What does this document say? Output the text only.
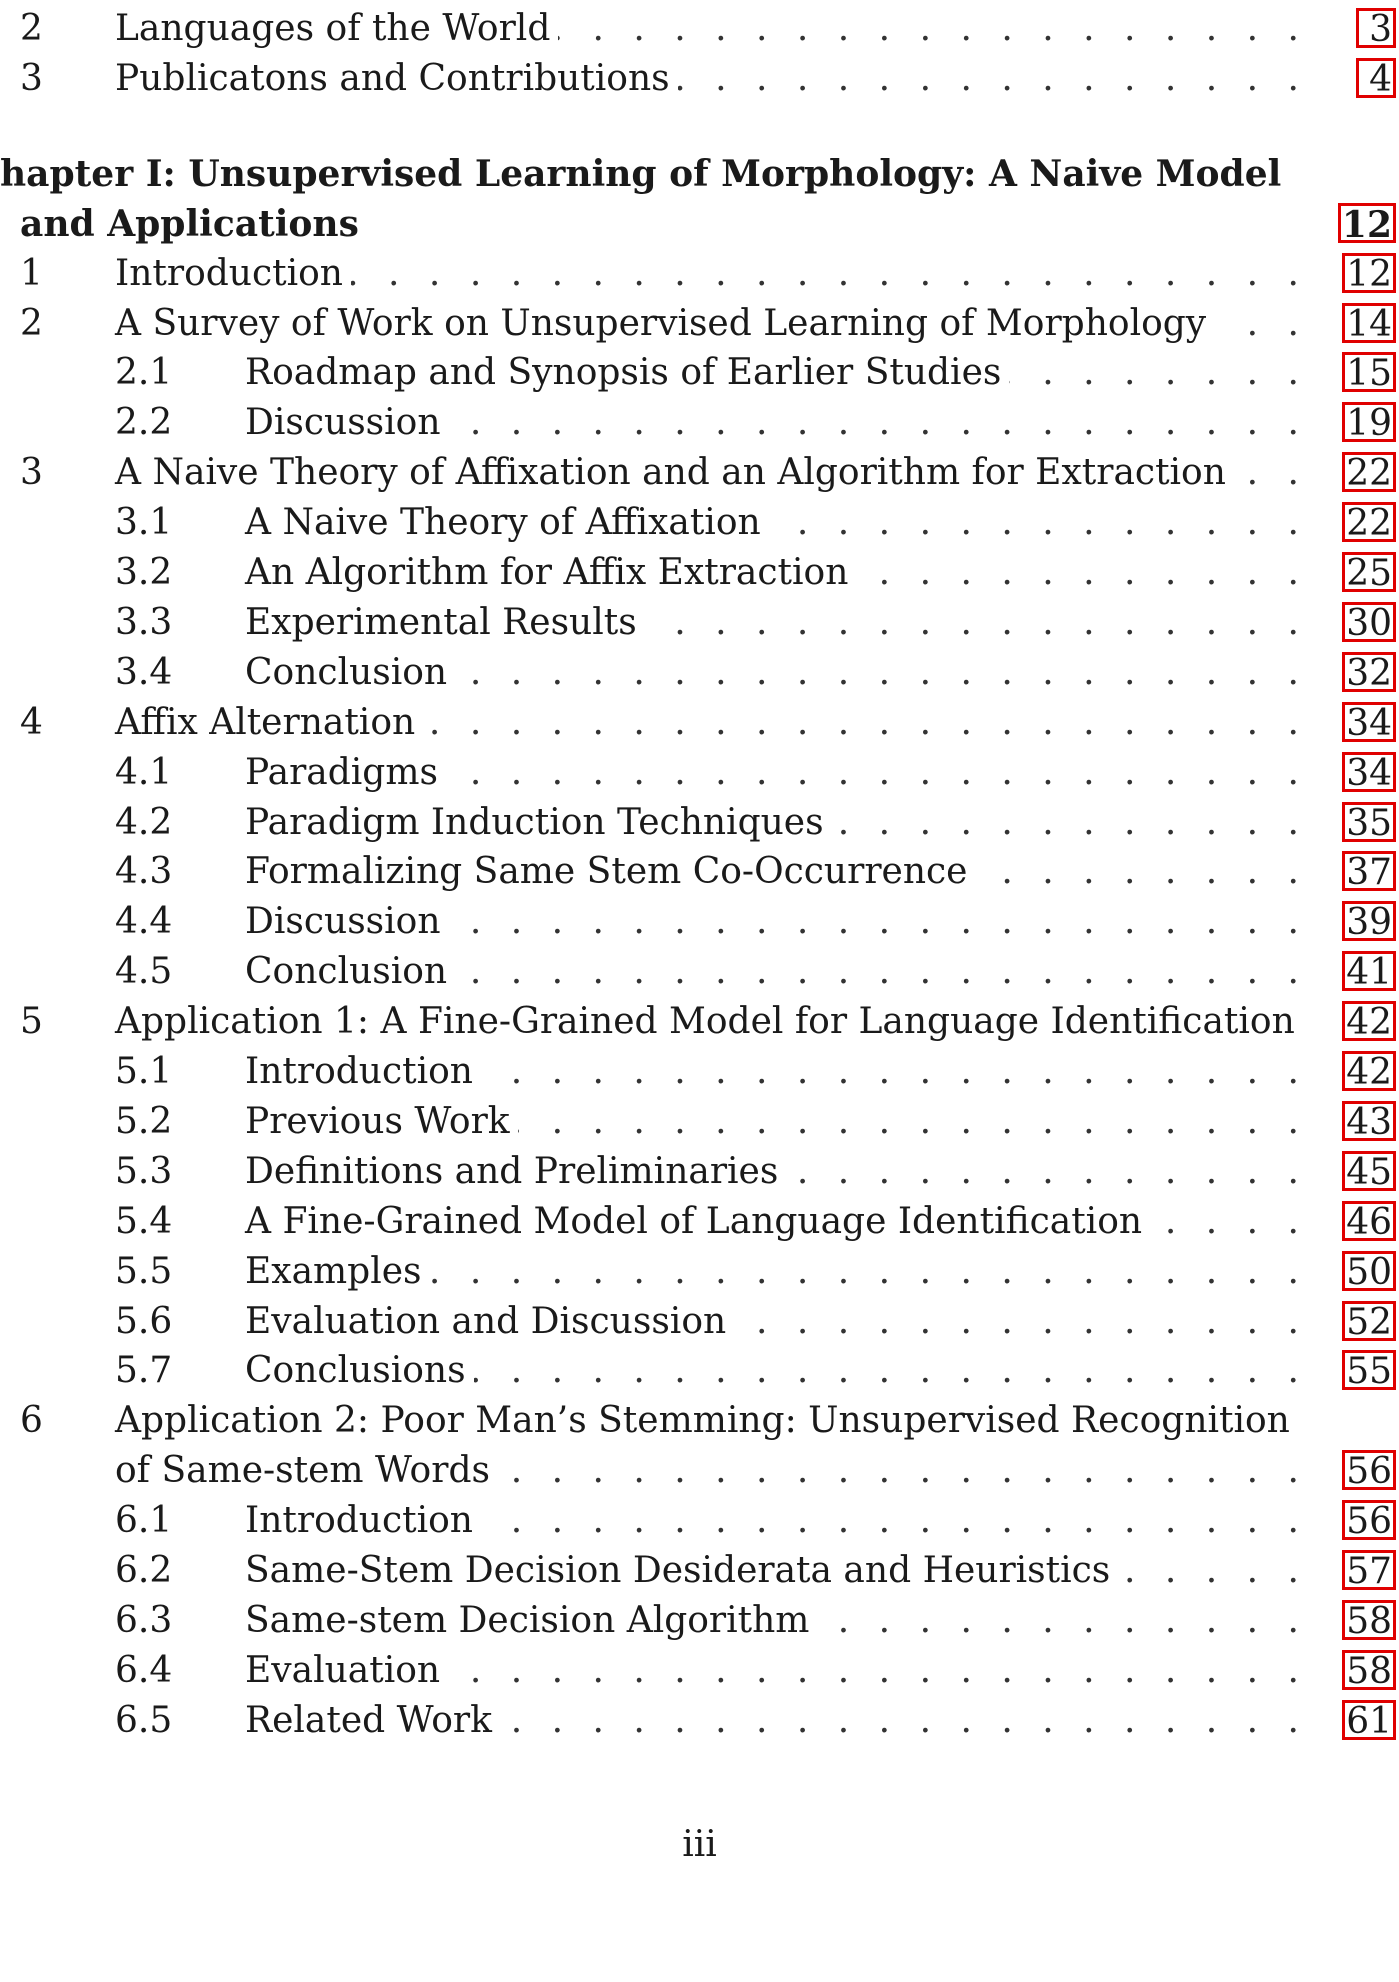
2 Languages of the World . . .	3
3 Publicatons and Contributions . . .	4
hapter I: Unsupervised Learning of Morphology: A Naive Model
and Applications	12
1 Introduction . . .	12
2 A Survey of Work on Unsupervised Learning of Morphology . . .	14
2.1 Roadmap and Synopsis of Earlier Studies . . .	15
2.2 Discussion . . .	19
3 A Naive Theory of Affixation and an Algorithm for Extraction . . .	22
3.1 A Naive Theory of Affixation . . .	22
3.2 An Algorithm for Affix Extraction . . .	25
3.3 Experimental Results . . .	30
3.4 Conclusion . . .	32
4 Affix Alternation . . .	34
4.1 Paradigms . . .	34
4.2 Paradigm Induction Techniques . . .	35
4.3 Formalizing Same Stem Co-Occurrence . . .	37
4.4 Discussion . . .	39
4.5 Conclusion . . .	41
5 Application 1: A Fine-Grained Model for Language Identification . . . 42
5.1 Introduction . . .	42
5.2 Previous Work . . .	43
5.3 Definitions and Preliminaries . . .	45
5.4 A Fine-Grained Model of Language Identification . . .	46
5.5 Examples . . .	50
5.6 Evaluation and Discussion . . .	52
5.7 Conclusions . . .	55
6 Application 2: Poor Man’s Stemming: Unsupervised Recognition
of Same-stem Words . . .	56
6.1 Introduction . . .	56
6.2 Same-Stem Decision Desiderata and Heuristics . . .	57
6.3 Same-stem Decision Algorithm . . .	58
6.4 Evaluation . . .	58
6.5 Related Work . . .	61
iii
